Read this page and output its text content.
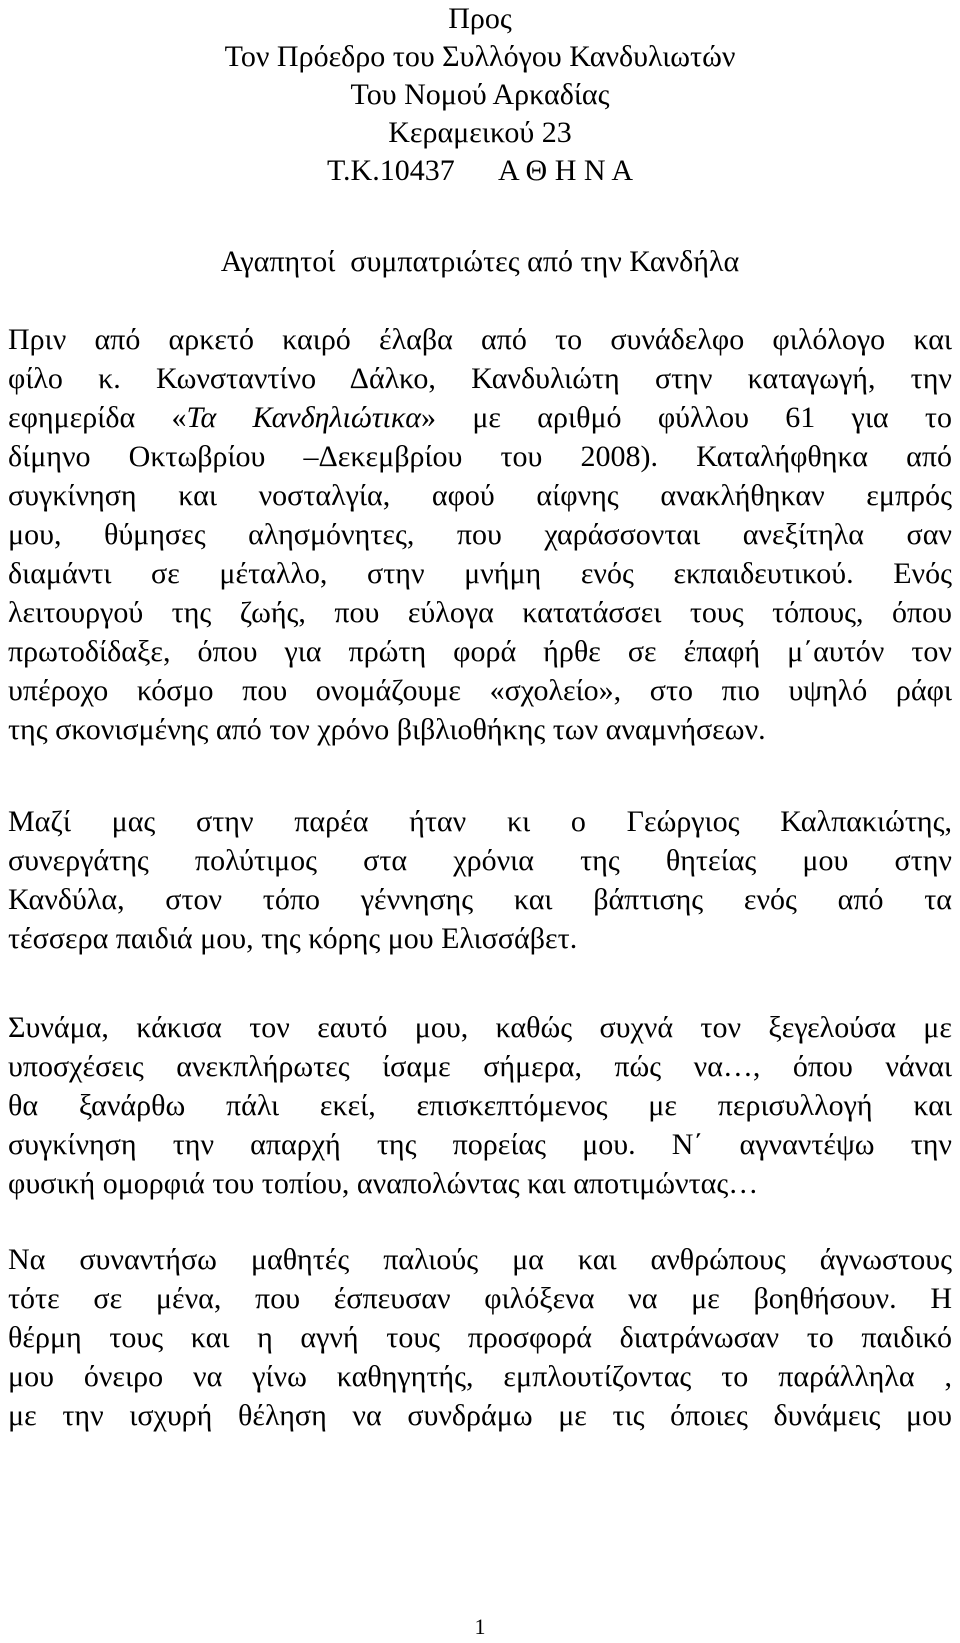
Προς
Τον Πρόεδρο του Συλλόγου Κανδυλιωτών
Του Νομού Αρκαδίας
Κεραμεικού 23
Τ.Κ.10437      Α Θ Η Ν Α
Αγαπητοί  συμπατριώτες από την Κανδήλα

Πριν από αρκετό καιρό έλαβα από το συνάδελφο φιλόλογο και
φίλο κ. Κωνσταντίνο Δάλκο, Κανδυλιώτη στην καταγωγή, την
εφημερίδα «Τα Κανδηλιώτικα» με αριθμό φύλλου 61 για το
δίμηνο Οκτωβρίου –Δεκεμβρίου του 2008). Καταλήφθηκα από
συγκίνηση και νοσταλγία, αφού αίφνης ανακλήθηκαν εμπρός
μου, θύμησες αλησμόνητες, που χαράσσονται ανεξίτηλα σαν
διαμάντι σε μέταλλο, στην μνήμη ενός εκπαιδευτικού. Ενός
λειτουργού της ζωής, που εύλογα κατατάσσει τους τόπους, όπου
πρωτοδίδαξε, όπου για πρώτη φορά ήρθε σε έπαφή μ΄αυτόν τον
υπέροχο κόσμο που ονομάζουμε «σχολείο», στο πιο υψηλό ράφι
της σκονισμένης από τον χρόνο βιβλιοθήκης των αναμνήσεων.

Μαζί μας στην παρέα ήταν κι ο Γεώργιος Καλπακιώτης,
συνεργάτης πολύτιμος στα χρόνια της θητείας μου στην
Κανδύλα, στον τόπο γέννησης και βάπτισης ενός από τα
τέσσερα παιδιά μου, της κόρης μου Ελισσάβετ.

Συνάμα, κάκισα τον εαυτό μου, καθώς συχνά τον ξεγελούσα με
υποσχέσεις ανεκπλήρωτες ίσαμε σήμερα, πώς να…, όπου νάναι
θα ξανάρθω πάλι εκεί, επισκεπτόμενος με περισυλλογή και
συγκίνηση την απαρχή της πορείας μου. Ν΄ αγναντέψω την
φυσική ομορφιά του τοπίου, αναπολώντας και αποτιμώντας…

Να συναντήσω μαθητές παλιούς μα και ανθρώπους άγνωστους
τότε σε μένα, που έσπευσαν φιλόξενα να με βοηθήσουν. Η
θέρμη τους και η αγνή τους προσφορά διατράνωσαν το παιδικό
μου όνειρο να γίνω καθηγητής, εμπλουτίζοντας το παράλληλα ,
με την ισχυρή θέληση να συνδράμω με τις όποιες δυνάμεις μου

1
